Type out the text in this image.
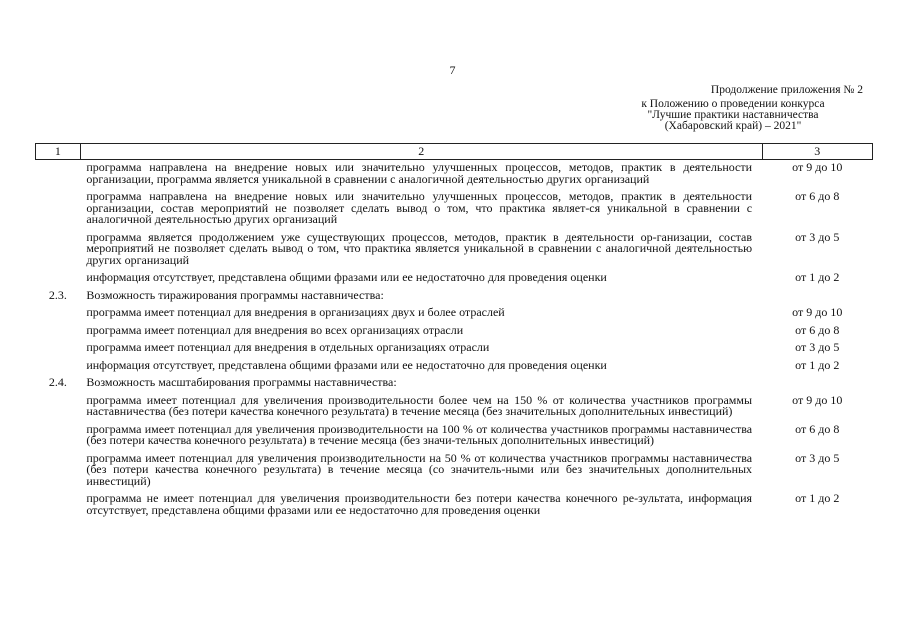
7
Продолжение приложения № 2
к Положению о проведении конкурса
"Лучшие практики наставничества
(Хабаровский край) – 2021"
1	2	3
	программа направлена на внедрение новых или значительно улучшенных процессов, методов, практик в деятельности организации, программа является уникальной в сравнении с аналогичной деятельностью других организаций	от 9 до 10
	программа направлена на внедрение новых или значительно улучшенных процессов, методов, практик в деятельности организации, состав мероприятий не позволяет сделать вывод о том, что практика являет-ся уникальной в сравнении с аналогичной деятельностью других организаций	от 6 до 8
	программа является продолжением уже существующих процессов, методов, практик в деятельности ор-ганизации, состав мероприятий не позволяет сделать вывод о том, что практика является уникальной в сравнении с аналогичной деятельностью других организаций	от 3 до 5
	информация отсутствует, представлена общими фразами или ее недостаточно для проведения оценки	от 1 до 2
2.3.	Возможность тиражирования программы наставничества:	
	программа имеет потенциал для внедрения в организациях двух и более отраслей	от 9 до 10
	программа имеет потенциал для внедрения во всех организациях отрасли	от 6 до 8
	программа имеет потенциал для внедрения в отдельных организациях отрасли	от 3 до 5
	информация отсутствует, представлена общими фразами или ее недостаточно для проведения оценки	от 1 до 2
2.4.	Возможность масштабирования программы наставничества:	
	программа имеет потенциал для увеличения производительности более чем на 150 % от количества участников программы наставничества (без потери качества конечного результата) в течение месяца (без значительных дополнительных инвестиций)	от 9 до 10
	программа имеет потенциал для увеличения производительности на 100 % от количества участников программы наставничества (без потери качества конечного результата) в течение месяца (без значи-тельных дополнительных инвестиций)	от 6 до 8
	программа имеет потенциал для увеличения производительности на 50 % от количества участников программы наставничества (без потери качества конечного результата) в течение месяца (со значитель-ными или без значительных дополнительных инвестиций)	от 3 до 5
	программа не имеет потенциал для увеличения производительности без потери качества конечного ре-зультата, информация отсутствует, представлена общими фразами или ее недостаточно для проведения оценки	от 1 до 2
